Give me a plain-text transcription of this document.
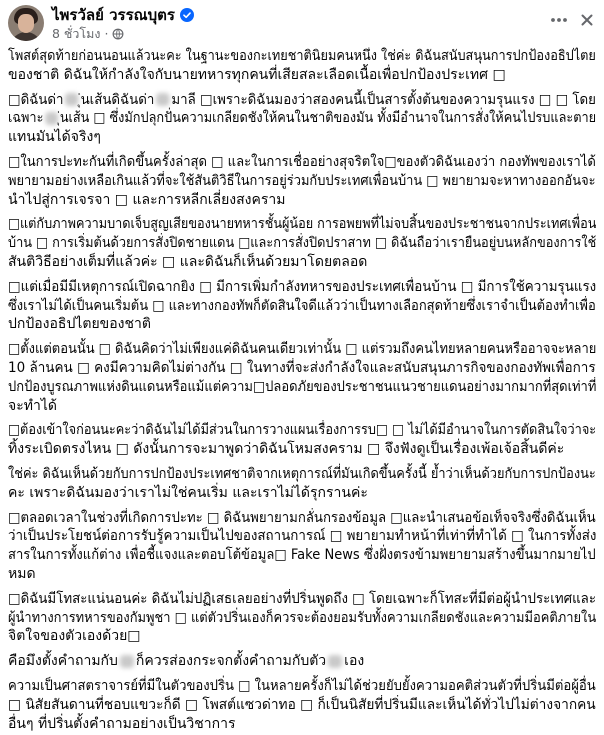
ไพรวัลย์ วรรณบุตร
8 ชั่วโมง ·
โพสต์สุดท้ายก่อนนอนแล้วนะคะ ในฐานะของกะเทยชาตินิยมคนหนึ่ง ใช่ค่ะ ดิฉันสนับสนุนการปกป้องอธิปไตย
ของชาติ ดิฉันให้กำลังใจกับนายทหารทุกคนที่เสียสละเลือดเนื้อเพื่อปกป้องประเทศ □
□ดิฉันด่า ุ่นเส้นดิฉันด่า มาลี □เพราะดิฉันมองว่าสองคนนี้เป็นสารตั้งต้นของความรุนแรง □ □ โดย
เฉพาะ ุ่นเส้น □ ซึ่งมักปลุกปั่นความเกลียดชังให้คนในชาติของมัน ทั้งมีอำนาจในการสั่งให้คนไปรบและตาย
แทนมันได้จริงๆ
□ในการปะทะกันที่เกิดขึ้นครั้งล่าสุด □ และในการเชื่ออย่างสุจริตใจ□ของตัวดิฉันเองว่า กองทัพของเราได้
พยายามอย่างเหลือเกินแล้วที่จะใช้สันติวิธีในการอยู่ร่วมกับประเทศเพื่อนบ้าน □ พยายามจะหาทางออกอันจะ
นำไปสู่การเจรจา □ และการหลีกเลี่ยงสงคราม
□แต่กับภาพความบาดเจ็บสูญเสียของนายทหารชั้นผู้น้อย การอพยพที่ไม่จบสิ้นของประชาชนจากประเทศเพื่อน
บ้าน □ การเริ่มต้นด้วยการสั่งปิดชายแดน □และการสั่งปิดปราสาท □ ดิฉันถือว่าเรายืนอยู่บนหลักของการใช้
สันติวิธีอย่างเต็มที่แล้วค่ะ □ และดิฉันก็เห็นด้วยมาโดยตลอด
□แต่เมื่อมีมีเหตุการณ์เปิดฉากยิง □ มีการเพิ่มกำลังทหารของประเทศเพื่อนบ้าน □ มีการใช้ความรุนแรง
ซึ่งเราไม่ได้เป็นคนเริ่มต้น □ และทางกองทัพก็ตัดสินใจดีแล้วว่าเป็นทางเลือกสุดท้ายซึ่งเราจำเป็นต้องทำเพื่อ
ปกป้องอธิปไตยของชาติ
□ตั้งแต่ตอนนั้น □ ดิฉันคิดว่าไม่เพียงแค่ดิฉันคนเดียวเท่านั้น □ แต่รวมถึงคนไทยหลายคนหรืออาจจะหลาย
10 ล้านคน □ คงมีความคิดไม่ต่างกัน □ ในทางที่จะส่งกำลังใจและสนับสนุนภารกิจของกองทัพเพื่อการ
ปกป้องบูรณภาพแห่งดินแดนหรือแม้แต่ความ□ปลอดภัยของประชาชนแนวชายแดนอย่างมากมากที่สุดเท่าที่
จะทำได้
□ต้องเข้าใจก่อนนะคะว่าดิฉันไม่ได้มีส่วนในการวางแผนเรื่องการรบ□ □ ไม่ได้มีอำนาจในการตัดสินใจว่าจะ
ทิ้งระเบิดตรงไหน □ ดังนั้นการจะมาพูดว่าดิฉันโหมสงคราม □ จึงฟังดูเป็นเรื่องเพ้อเจ้อสิ้นดีค่ะ
ใช่ค่ะ ดิฉันเห็นด้วยกับการปกป้องประเทศชาติจากเหตุการณ์ที่มันเกิดขึ้นครั้งนี้ ย้ำว่าเห็นด้วยกับการปกป้องนะ
คะ เพราะดิฉันมองว่าเราไม่ใช่คนเริ่ม และเราไม่ได้รุกรานค่ะ
□ตลอดเวลาในช่วงที่เกิดการปะทะ □ ดิฉันพยายามกลั่นกรองข้อมูล □และนำเสนอข้อเท็จจริงซึ่งดิฉันเห็น
ว่าเป็นประโยชน์ต่อการรับรู้ความเป็นไปของสถานการณ์ □ พยายามทำหน้าที่เท่าที่ทำได้ □ ในการทั้งส่ง
สารในการทั้งแก้ต่าง เพื่อชี้แจงและตอบโต้ข้อมูล□ Fake News ซึ่งฝั่งตรงข้ามพยายามสร้างขึ้นมากมายไป
หมด
□ดิฉันมีโทสะแน่นอนค่ะ ดิฉันไม่ปฏิเสธเลยอย่างที่ปริ่นพูดถึง □ โดยเฉพาะก็โทสะที่มีต่อผู้นำประเทศและ
ผู้นำทางการทหารของกัมพูชา □ แต่ตัวปริ่นเองก็ควรจะต้องยอมรับทั้งความเกลียดชังและความมีอคติภายใน
จิตใจของตัวเองด้วย□
คือมึงตั้งคำถามกับ ก็ควรส่องกระจกตั้งคำถามกับตัว เอง
ความเป็นศาสตราจารย์ที่มีในตัวของปริ่น □ ในหลายครั้งก็ไม่ได้ช่วยยับยั้งความอคติส่วนตัวที่ปริ่นมีต่อผู้อื่น
□ นิสัยสันดานที่ชอบแขวะก็ดี □ โพสต์แซวด่าทอ □ ก็เป็นนิสัยที่ปริ่นมีและเห็นได้ทั่วไปไม่ต่างจากคน
อื่นๆ ที่ปริ่นตั้งคำถามอย่างเป็นวิชาการ
